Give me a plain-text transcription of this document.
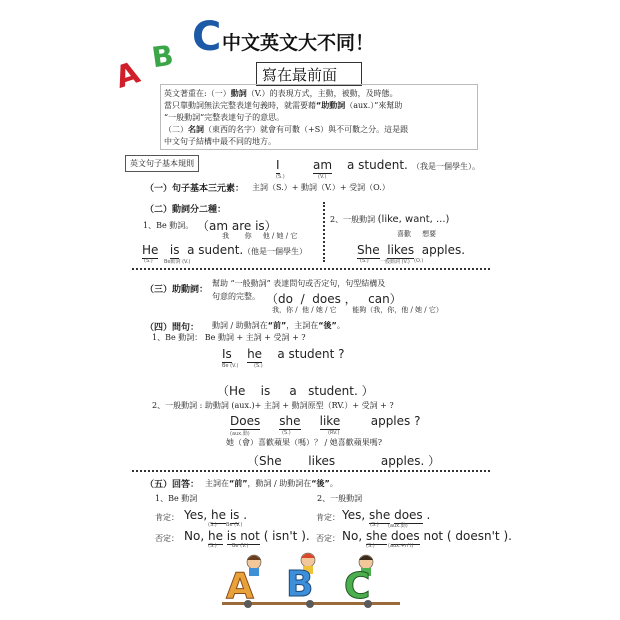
A B C 中文英文大不同！
寫在最前面
英文著重在:（一）動詞（V.）的表現方式，主動，被動，及時態。
當只靠動詞無法完整表達句義時，就需要藉“助動詞（aux.）”來幫助
“一般動詞”完整表達句子的意思。
（二）名詞（東西的名字）就會有可數（+S）與不可數之分。這是跟
中文句子結構中最不同的地方。
英文句子基本規則	I	am a student. （我是一個學生）。
(S.)	(V.)
（一）句子基本三元素： 主詞（S.）+ 動詞（V.）+ 受詞（O.）
（二）動詞分二種：
1、Be 動詞。 （am are is）
我       你     他 / 她 / 它
He is a sudent. （他是一個學生）
(S.) Be動詞 (V.)
2、一般動詞 (like, want, ...)
喜歡     想要
She likes apples.
(S.) 一般動詞 (V.) (O.)
（三）助動詞：
幫助 “一般動詞” 表達問句或否定句，句型結構及
句意的完整。 （do  /  does ，   can）
我，你 /  他 / 她 / 它       能夠（我，你，他 / 她 / 它）
（四）問句： 動詞 / 助動詞在“前”，主詞在“後”。
1、Be 動詞： Be 動詞 + 主詞 + 受詞 + ?
Is he a student ?
Be (V.)	(S.)
（He    is     a   student. ）
2、一般動詞 : 助動詞 (aux.)+ 主詞 + 動詞原型（RV.）+ 受詞 + ?
Does she like	apples ?
(aux.動)	(S.)	(RV.)
她（會）喜歡蘋果（嗎）？ / 她喜歡蘋果嗎?
（She       likes            apples. ）
（五）回答： 主詞在“前”，動詞 / 助動詞在“後”。
1、Be 動詞	2、一般動詞
肯定： Yes, he is .
(S.) Be (V.)
否定： No, he is not ( isn't ).
(S.)	Be (V.)
肯定： Yes, she does .
(S.) (aux.動)
否定： No, she does not ( doesn't ).
(S.)	(aux.+n't)
A B C
